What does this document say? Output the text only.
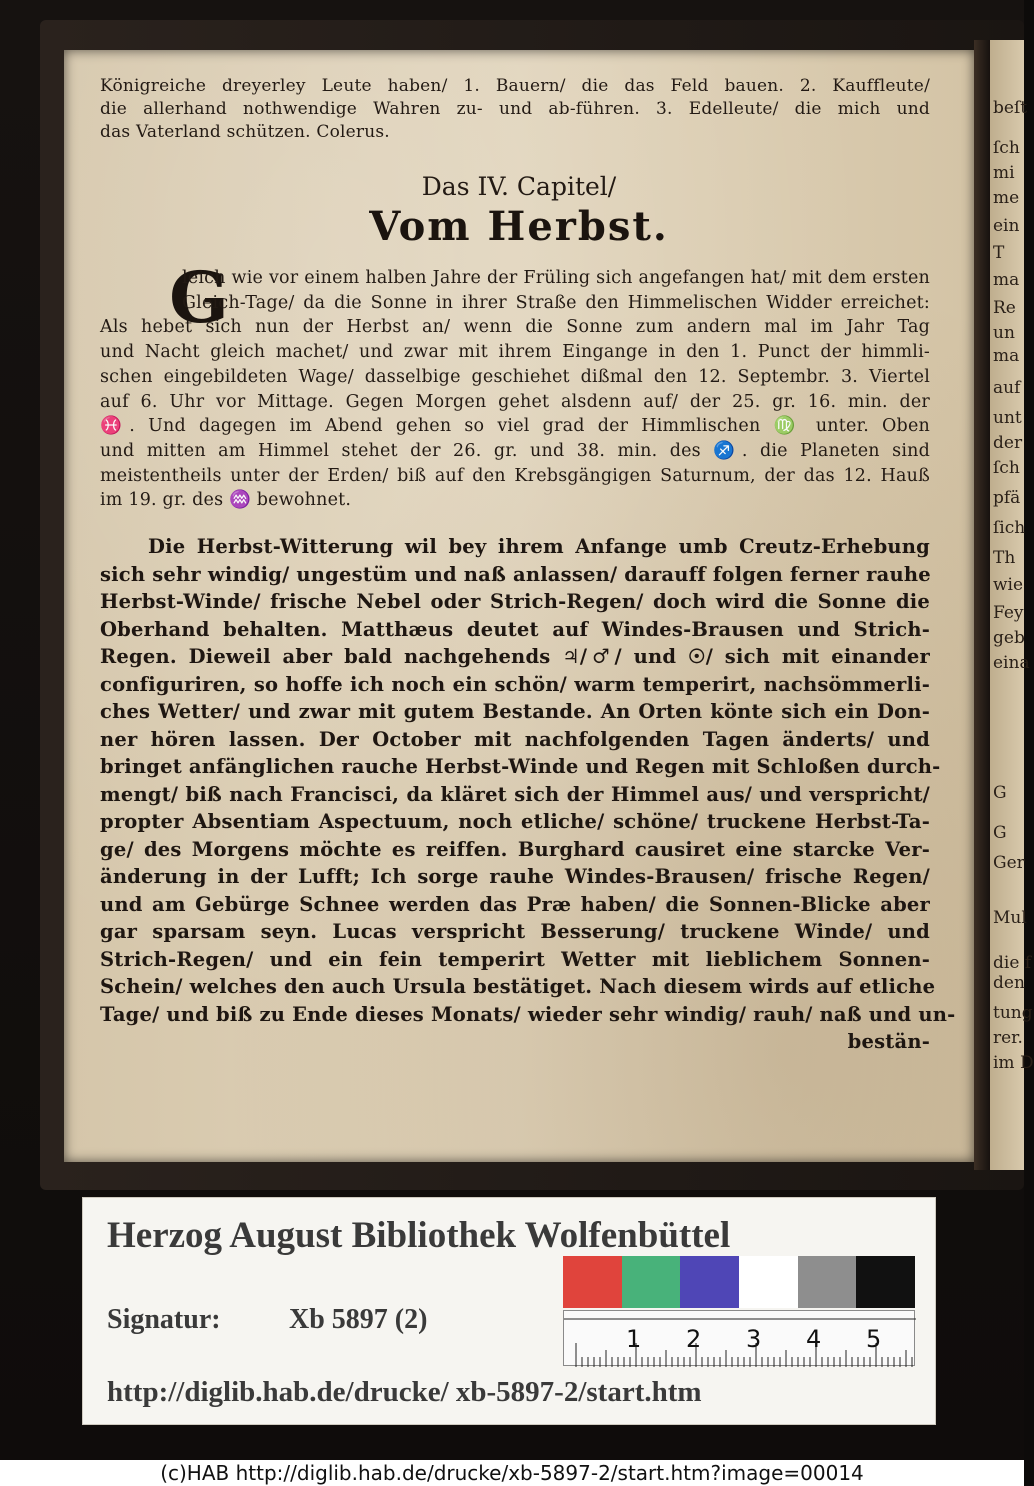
beſt
ſch
mi
me
ein
T
ma
Re
un
ma
auf
unt
der
ſch
pfä
ſich
Th
wie
Fey
geb
eina
G
G
Ger
Mul
die f
den
tung
rer.
im D
Königreiche dreyerley Leute haben/ 1. Bauern/ die das Feld bauen. 2. Kauffleute/
die allerhand nothwendige Wahren zu- und ab-führen. 3. Edelleute/ die mich und
das Vaterland schützen. Colerus.
Das IV. Capitel/
Vom Herbst.
G
leich wie vor einem halben Jahre der Früling sich angefangen hat/ mit dem ersten
Gleich-Tage/ da die Sonne in ihrer Straße den Himmelischen Widder erreichet:
Als hebet sich nun der Herbst an/ wenn die Sonne zum andern mal im Jahr Tag
und Nacht gleich machet/ und zwar mit ihrem Eingange in den 1. Punct der himmli-
schen eingebildeten Wage/ dasselbige geschiehet dißmal den 12. Septembr. 3. Viertel
auf 6. Uhr vor Mittage. Gegen Morgen gehet alsdenn auf/ der 25. gr. 16. min. der
♓. Und dagegen im Abend gehen so viel grad der Himmlischen ♍ unter. Oben
und mitten am Himmel stehet der 26. gr. und 38. min. des ♐. die Planeten sind
meistentheils unter der Erden/ biß auf den Krebsgängigen Saturnum, der das 12. Hauß
im 19. gr. des ♒ bewohnet.
Die Herbst-Witterung wil bey ihrem Anfange umb Creutz-Erhebung
sich sehr windig/ ungestüm und naß anlassen/ darauff folgen ferner rauhe
Herbst-Winde/ frische Nebel oder Strich-Regen/ doch wird die Sonne die
Oberhand behalten. Matthæus deutet auf Windes-Brausen und Strich-
Regen. Dieweil aber bald nachgehends ♃/♂/ und ☉/ sich mit einander
configuriren, so hoffe ich noch ein schön/ warm temperirt, nachsömmerli-
ches Wetter/ und zwar mit gutem Bestande. An Orten könte sich ein Don-
ner hören lassen. Der October mit nachfolgenden Tagen änderts/ und
bringet anfänglichen rauche Herbst-Winde und Regen mit Schloßen durch-
mengt/ biß nach Francisci, da kläret sich der Himmel aus/ und verspricht/
propter Absentiam Aspectuum, noch etliche/ schöne/ truckene Herbst-Ta-
ge/ des Morgens möchte es reiffen. Burghard causiret eine starcke Ver-
änderung in der Lufft; Ich sorge rauhe Windes-Brausen/ frische Regen/
und am Gebürge Schnee werden das Præ haben/ die Sonnen-Blicke aber
gar sparsam seyn. Lucas verspricht Besserung/ truckene Winde/ und
Strich-Regen/ und ein fein temperirt Wetter mit lieblichem Sonnen-
Schein/ welches den auch Ursula bestätiget. Nach diesem wirds auf etliche
Tage/ und biß zu Ende dieses Monats/ wieder sehr windig/ rauh/ naß und un-
bestän-
Herzog August Bibliothek Wolfenbüttel
Signatur: Xb 5897 (2)
1 2 3 4 5
http://diglib.hab.de/drucke/ xb-5897-2/start.htm
(c)HAB http://diglib.hab.de/drucke/xb-5897-2/start.htm?image=00014
